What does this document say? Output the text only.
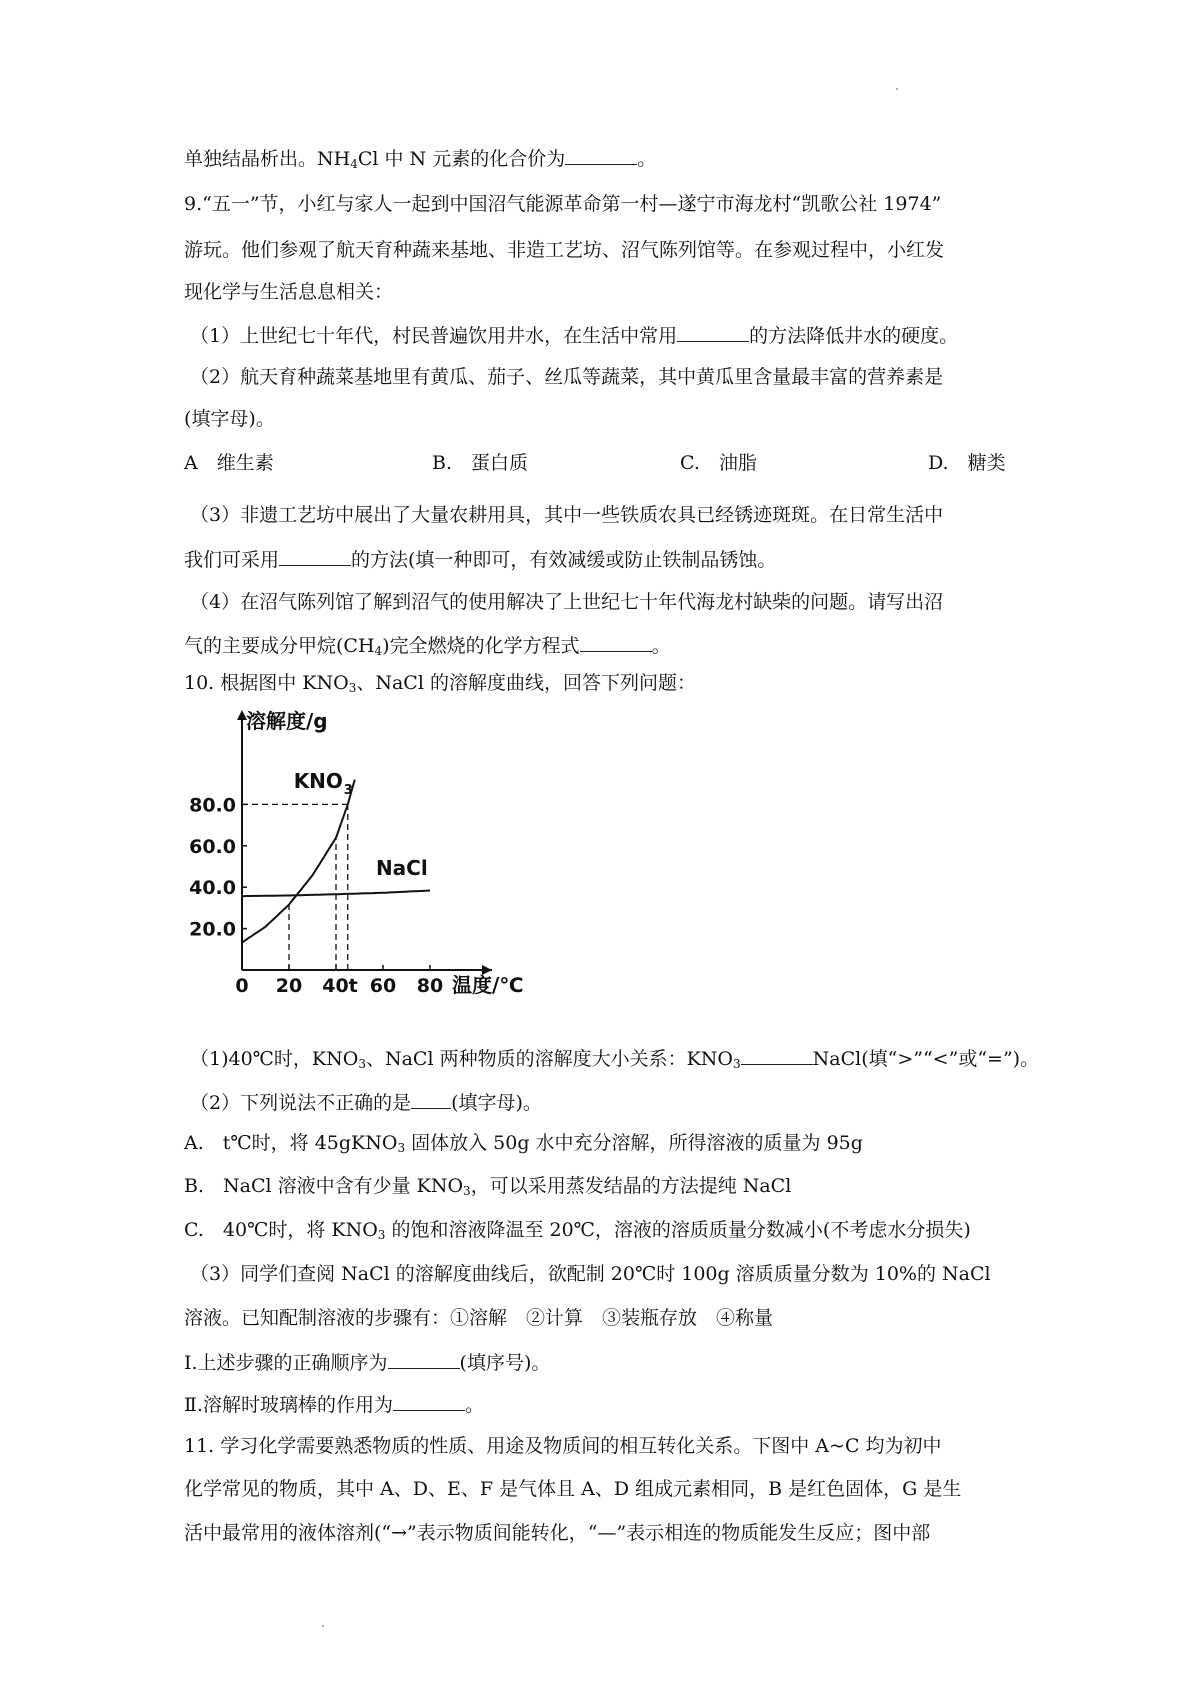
单独结晶析出。$NH_4Cl$ 中 N 元素的化合价为	。
9.“五一”节，小红与家人一起到中国沼气能源革命第一村—遂宁市海龙村“凯歌公社 1974”
游玩。他们参观了航天育种蔬来基地、非造工艺坊、沼气陈列馆等。在参观过程中，小红发
现化学与生活息息相关：
（1）上世纪七十年代，村民普遍饮用井水，在生活中常用	的方法降低井水的硬度。
（2）航天育种蔬菜基地里有黄瓜、茄子、丝瓜等蔬菜，其中黄瓜里含量最丰富的营养素是
(填字母)。
A　维生素	B.　蛋白质	C.　油脂	D.　糖类
（3）非遗工艺坊中展出了大量农耕用具，其中一些铁质农具已经锈迹斑斑。在日常生活中
我们可采用	的方法(填一种即可，有效减缓或防止铁制品锈蚀。
（4）在沼气陈列馆了解到沼气的使用解决了上世纪七十年代海龙村缺柴的问题。请写出沼
气的主要成分甲烷$(CH_4)$完全燃烧的化学方程式	。
10. 根据图中 $KNO_3$、NaCl 的溶解度曲线，回答下列问题：
20.0
40.0
60.0
80.0
0 20 40t 60 80
溶解度/g
温度/℃
KNO 3
NaCl
（1)40℃时，$KNO_3$、NaCl 两种物质的溶解度大小关系：$KNO_3$	NaCl(填“>”“<”或“=”)。
（2）下列说法不正确的是 (填字母)。
A.　t℃时，将 45gKNO$_3$ 固体放入 50g 水中充分溶解，所得溶液的质量为 95g
B.　NaCl 溶液中含有少量 $KNO_3$，可以采用蒸发结晶的方法提纯 NaCl
C.　40℃时，将 $KNO_3$ 的饱和溶液降温至 20℃，溶液的溶质质量分数减小(不考虑水分损失)
（3）同学们查阅 NaCl 的溶解度曲线后，欲配制 20℃时 100g 溶质质量分数为 10%的 NaCl
溶液。已知配制溶液的步骤有：①溶解　②计算　③装瓶存放　④称量
I.上述步骤的正确顺序为	(填序号)。
Ⅱ.溶解时玻璃棒的作用为	。
11. 学习化学需要熟悉物质的性质、用途及物质间的相互转化关系。下图中 A~C 均为初中
化学常见的物质，其中 A、D、E、F 是气体且 A、D 组成元素相同，B 是红色固体，G 是生
活中最常用的液体溶剂(“→”表示物质间能转化，“—”表示相连的物质能发生反应；图中部
